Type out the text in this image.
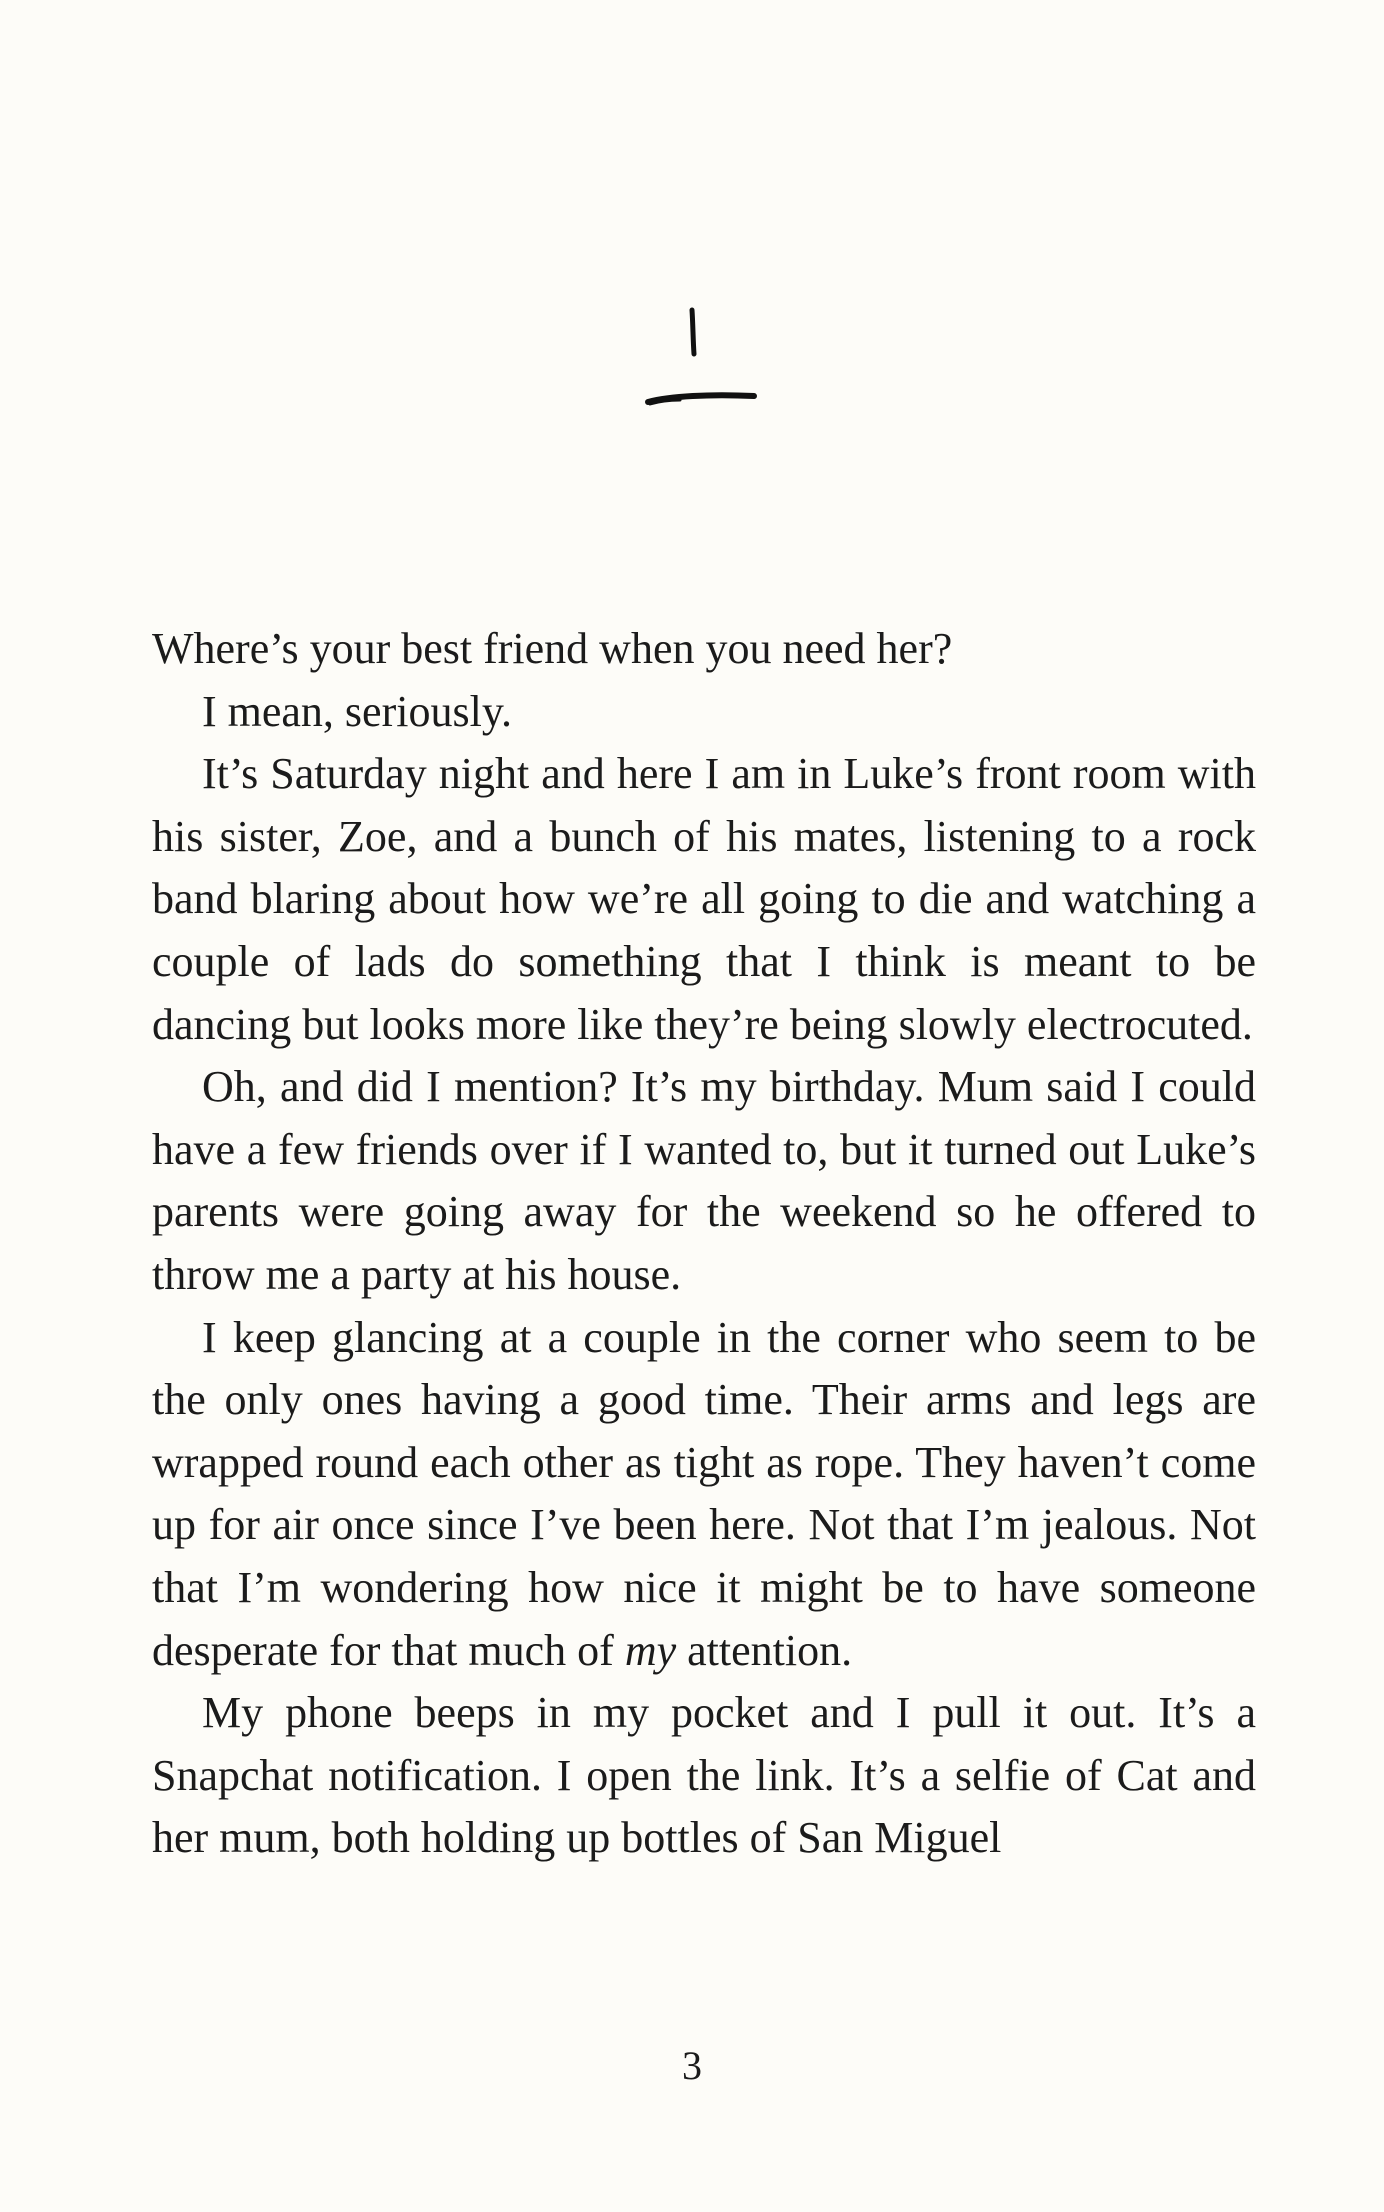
Where’s your best friend when you need her?

I mean, seriously.

It’s Saturday night and here I am in Luke’s front room with his sister, Zoe, and a bunch of his mates, listening to a rock band blaring about how we’re all going to die and watching a couple of lads do something that I think is meant to be dancing but looks more like they’re being slowly electrocuted.

Oh, and did I mention? It’s my birthday. Mum said I could have a few friends over if I wanted to, but it turned out Luke’s parents were going away for the weekend so he offered to throw me a party at his house.

I keep glancing at a couple in the corner who seem to be the only ones having a good time. Their arms and legs are wrapped round each other as tight as rope. They haven’t come up for air once since I’ve been here. Not that I’m jealous. Not that I’m wondering how nice it might be to have someone desperate for that much of my attention.

My phone beeps in my pocket and I pull it out. It’s a Snapchat notification. I open the link. It’s a selfie of Cat and her mum, both holding up bottles of San Miguel

3
